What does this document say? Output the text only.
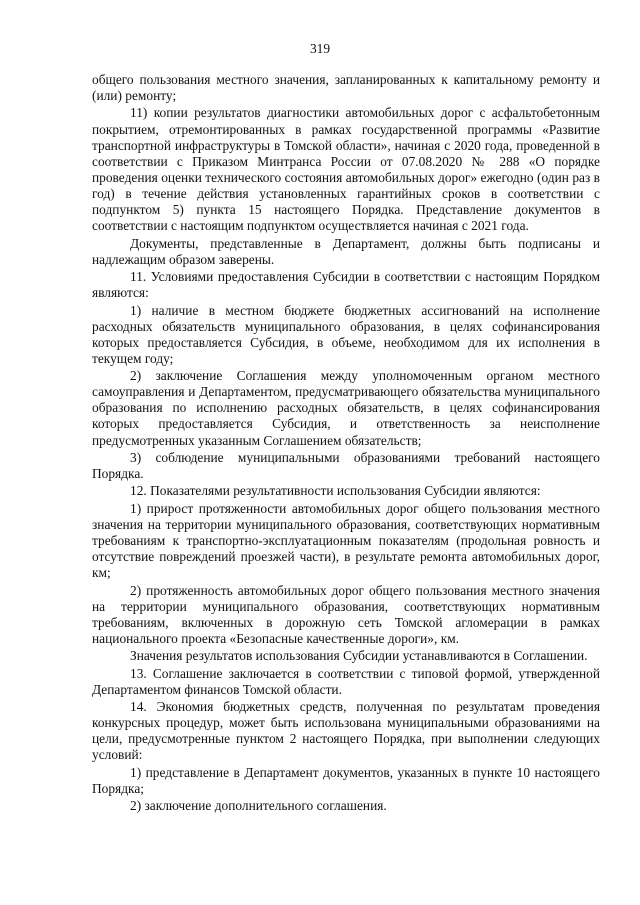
319

общего пользования местного значения, запланированных к капитальному ремонту и (или) ремонту;

11) копии результатов диагностики автомобильных дорог с асфальтобетонным покрытием, отремонтированных в рамках государственной программы «Развитие транспортной инфраструктуры в Томской области», начиная с 2020 года, проведенной в соответствии с Приказом Минтранса России от 07.08.2020 № 288 «О порядке проведения оценки технического состояния автомобильных дорог» ежегодно (один раз в год) в течение действия установленных гарантийных сроков в соответствии с подпунктом 5) пункта 15 настоящего Порядка. Представление документов в соответствии с настоящим подпунктом осуществляется начиная с 2021 года.

Документы, представленные в Департамент, должны быть подписаны и надлежащим образом заверены.

11. Условиями предоставления Субсидии в соответствии с настоящим Порядком являются:

1) наличие в местном бюджете бюджетных ассигнований на исполнение расходных обязательств муниципального образования, в целях софинансирования которых предоставляется Субсидия, в объеме, необходимом для их исполнения в текущем году;

2) заключение Соглашения между уполномоченным органом местного самоуправления и Департаментом, предусматривающего обязательства муниципального образования по исполнению расходных обязательств, в целях софинансирования которых предоставляется Субсидия, и ответственность за неисполнение предусмотренных указанным Соглашением обязательств;

3) соблюдение муниципальными образованиями требований настоящего Порядка.

12. Показателями результативности использования Субсидии являются:

1) прирост протяженности автомобильных дорог общего пользования местного значения на территории муниципального образования, соответствующих нормативным требованиям к транспортно-эксплуатационным показателям (продольная ровность и отсутствие повреждений проезжей части), в результате ремонта автомобильных дорог, км;

2) протяженность автомобильных дорог общего пользования местного значения на территории муниципального образования, соответствующих нормативным требованиям, включенных в дорожную сеть Томской агломерации в рамках национального проекта «Безопасные качественные дороги», км.

Значения результатов использования Субсидии устанавливаются в Соглашении.

13. Соглашение заключается в соответствии с типовой формой, утвержденной Департаментом финансов Томской области.

14. Экономия бюджетных средств, полученная по результатам проведения конкурсных процедур, может быть использована муниципальными образованиями на цели, предусмотренные пунктом 2 настоящего Порядка, при выполнении следующих условий:

1) представление в Департамент документов, указанных в пункте 10 настоящего Порядка;

2) заключение дополнительного соглашения.
